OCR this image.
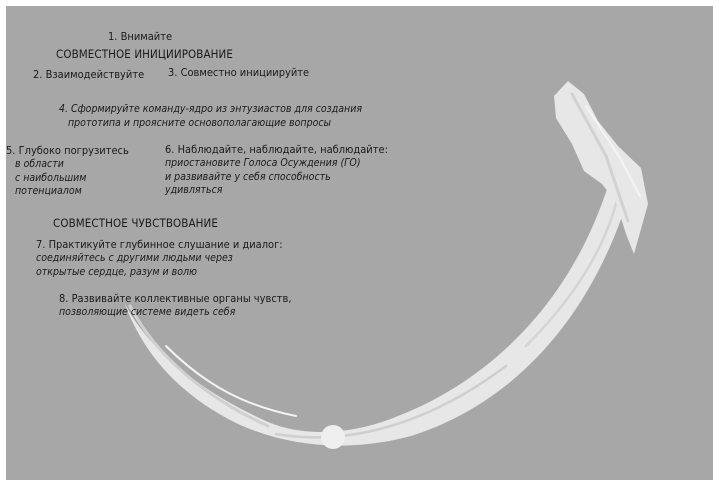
1. Внимайте

СОВМЕСТНОЕ ИНИЦИИРОВАНИЕ

2. Взаимодействуйте 3. Совместно инициируйте

4. Сформируйте команду-ядро из энтузиастов для создания

прототипа и проясните основополагающие вопросы

5. Глубоко погрузитесь

в области
с наибольшим
потенциалом

6. Наблюдайте, наблюдайте, наблюдайте:

приостановите Голоса Осуждения (ГО)
и развивайте у себя способность
удивляться

СОВМЕСТНОЕ ЧУВСТВОВАНИЕ

7. Практикуйте глубинное слушание и диалог:

соединяйтесь с другими людьми через
открытые сердце, разум и волю

8. Развивайте коллективные органы чувств,

позволяющие системе видеть себя
